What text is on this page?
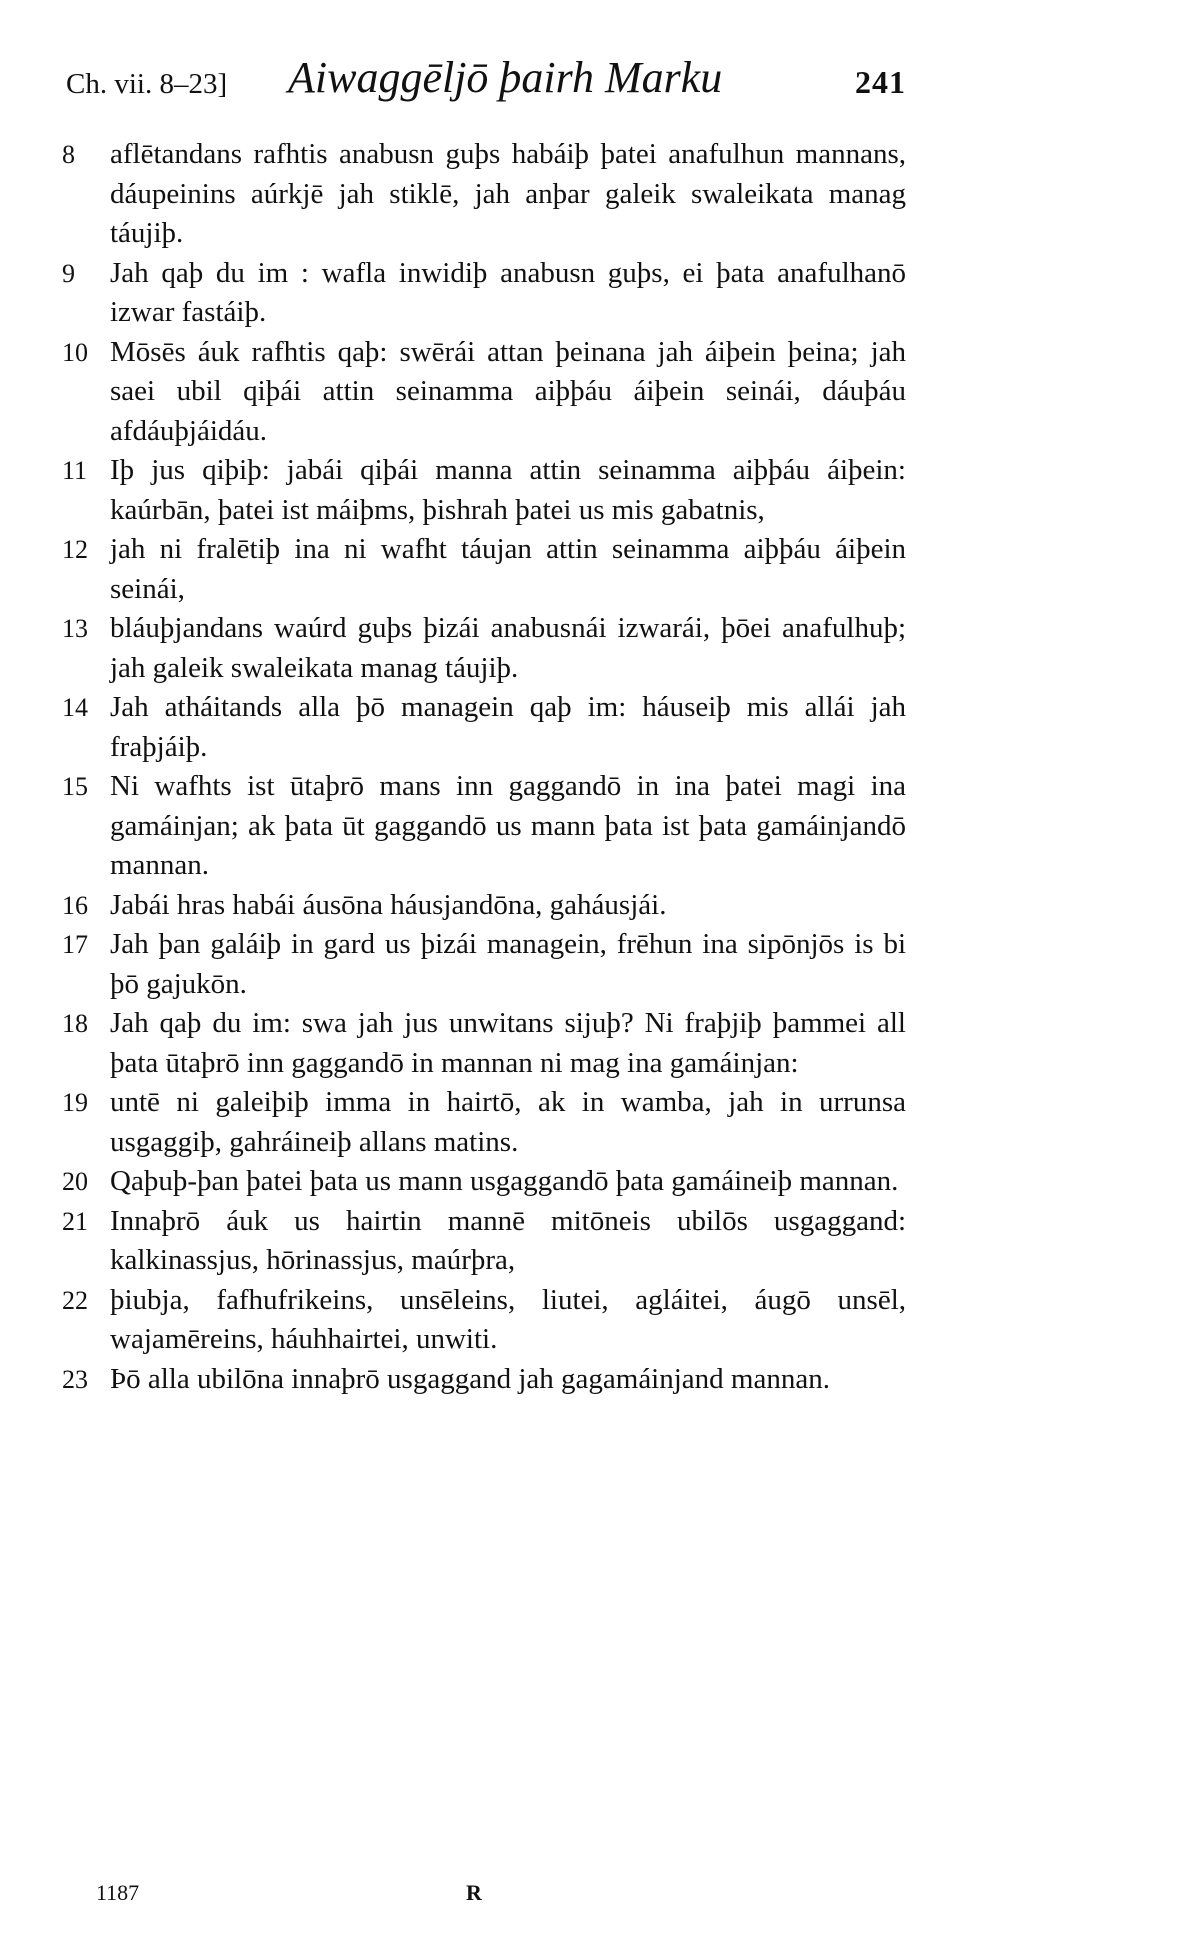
Ch. vii. 8–23] Aiwaggēljō þairh Marku	241

8	aflētandans rafhtis anabusn guþs habáiþ þatei anafulhun mannans, dáupeinins aúrkjē jah stiklē, jah anþar galeik swaleikata manag táujiþ.

9	Jah qaþ du im : wafla inwidiþ anabusn guþs, ei þata anafulhanō izwar fastáiþ.

10 Mōsēs áuk rafhtis qaþ: swērái attan þeinana jah áiþein þeina; jah saei ubil qiþái attin seinamma aiþþáu áiþein seinái, dáuþáu afdáuþjáidáu.

11 Iþ jus qiþiþ: jabái qiþái manna attin seinamma aiþþáu áiþein: kaúrbān, þatei ist máiþms, þishrah þatei us mis gabatnis,

12 jah ni fralētiþ ina ni wafht táujan attin seinamma aiþþáu áiþein seinái,

13 bláuþjandans waúrd guþs þizái anabusnái izwarái, þōei anafulhuþ; jah galeik swaleikata manag táujiþ.

14 Jah atháitands alla þō managein qaþ im: háuseiþ mis allái jah fraþjáiþ.

15 Ni wafhts ist ūtaþrō mans inn gaggandō in ina þatei magi ina gamáinjan; ak þata ūt gaggandō us mann þata ist þata gamáinjandō mannan.

16 Jabái hras habái áusōna háusjandōna, gaháusjái.

17 Jah þan galáiþ in gard us þizái managein, frēhun ina sipōnjōs is bi þō gajukōn.

18 Jah qaþ du im: swa jah jus unwitans sijuþ? Ni fraþjiþ þammei all þata ūtaþrō inn gaggandō in mannan ni mag ina gamáinjan:

19 untē ni galeiþiþ imma in hairtō, ak in wamba, jah in urrunsa usgaggiþ, gahráineiþ allans matins.

20 Qaþuþ-þan þatei þata us mann usgaggandō þata gamáineiþ mannan.

21 Innaþrō áuk us hairtin mannē mitōneis ubilōs usgaggand: kalkinassjus, hōrinassjus, maúrþra,

22 þiubja, fafhufrikeins, unsēleins, liutei, agláitei, áugō unsēl, wajamēreins, háuhhairtei, unwiti.

23 Þō alla ubilōna innaþrō usgaggand jah gagamáinjand mannan.

1187	R
